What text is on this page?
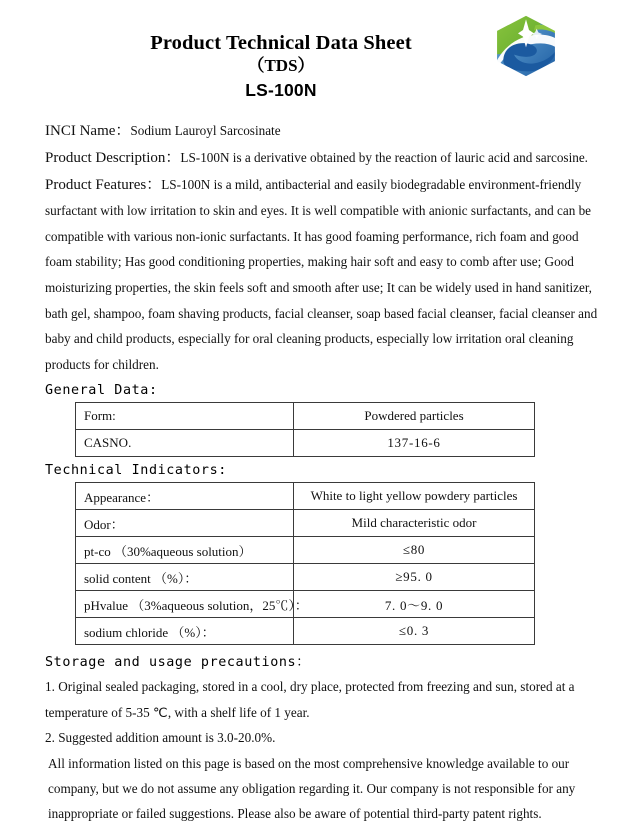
Product Technical Data Sheet
（TDS）
LS-100N

INCI Name：Sodium Lauroyl Sarcosinate

Product Description：LS-100N is a derivative obtained by the reaction of lauric acid and sarcosine.

Product Features：LS-100N is a mild, antibacterial and easily biodegradable environment-friendly surfactant with low irritation to skin and eyes. It is well compatible with anionic surfactants, and can be compatible with various non-ionic surfactants. It has good foaming performance, rich foam and good foam stability; Has good conditioning properties, making hair soft and easy to comb after use; Good moisturizing properties, the skin feels soft and smooth after use; It can be widely used in hand sanitizer, bath gel, shampoo, foam shaving products, facial cleanser, soap based facial cleanser, facial cleanser and baby and child products, especially for oral cleaning products, especially low irritation oral cleaning products for children.

General Data:
Form:	Powdered particles
CASNO.	137-16-6
Technical Indicators:
Appearance：	White to light yellow powdery particles
Odor：	Mild characteristic odor
pt-co （30%aqueous solution）	≤80
solid content （%）：	≥95. 0
pHvalue （3%aqueous solution，25℃）：	7. 0～9. 0
sodium chloride （%）：	≤0. 3
Storage and usage precautions：

1. Original sealed packaging, stored in a cool, dry place, protected from freezing and sun, stored at a temperature of 5-35 ℃, with a shelf life of 1 year.

2. Suggested addition amount is 3.0-20.0%.

All information listed on this page is based on the most comprehensive knowledge available to our company, but we do not assume any obligation regarding it. Our company is not responsible for any inappropriate or failed suggestions. Please also be aware of potential third-party patent rights.
